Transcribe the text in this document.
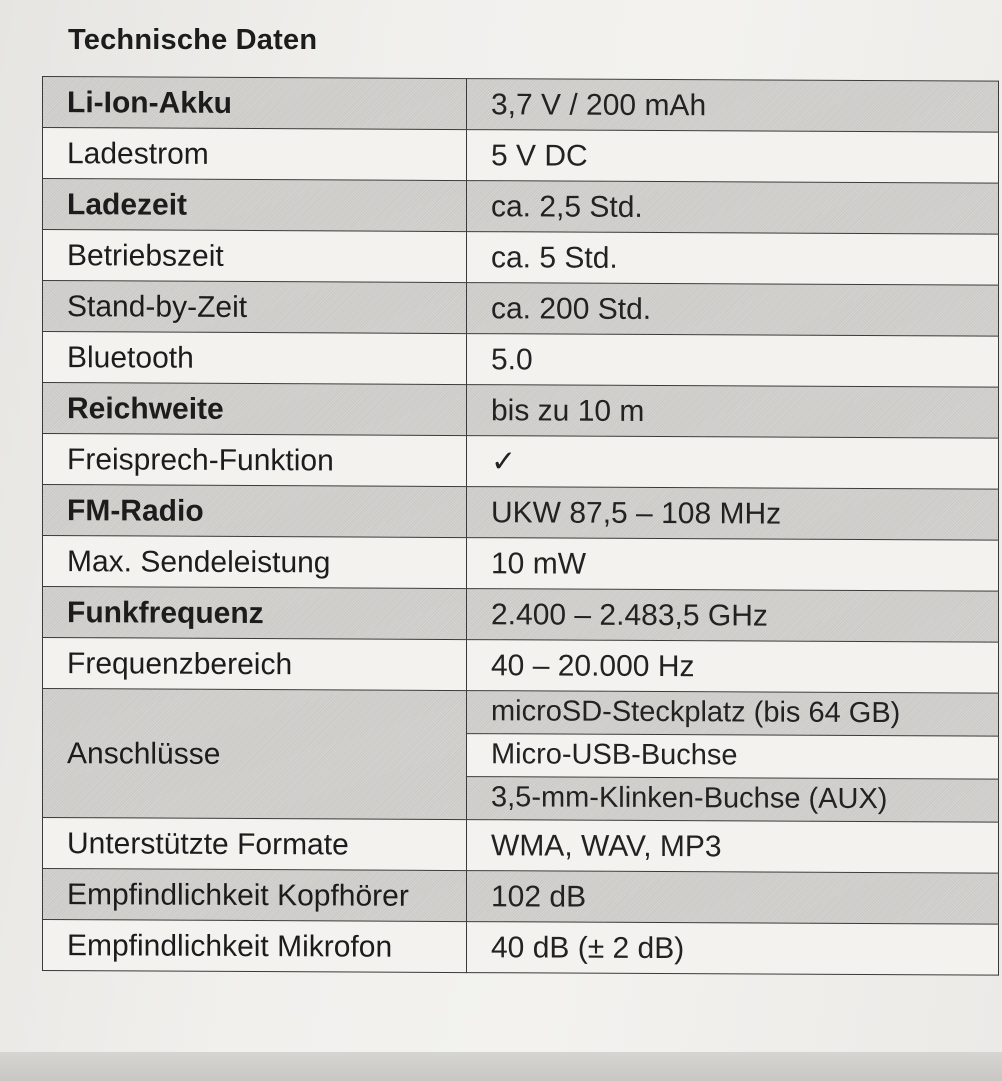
Technische Daten
Li-Ion-Akku	3,7 V / 200 mAh
Ladestrom	5 V DC
Ladezeit	ca. 2,5 Std.
Betriebszeit	ca. 5 Std.
Stand-by-Zeit	ca. 200 Std.
Bluetooth	5.0
Reichweite	bis zu 10 m
Freisprech-Funktion	✓
FM-Radio	UKW 87,5 – 108 MHz
Max. Sendeleistung	10 mW
Funkfrequenz	2.400 – 2.483,5 GHz
Frequenzbereich	40 – 20.000 Hz
Anschlüsse	microSD-Steckplatz (bis 64 GB)
	Micro-USB-Buchse
	3,5-mm-Klinken-Buchse (AUX)
Unterstützte Formate	WMA, WAV, MP3
Empfindlichkeit Kopfhörer	102 dB
Empfindlichkeit Mikrofon	40 dB (± 2 dB)
